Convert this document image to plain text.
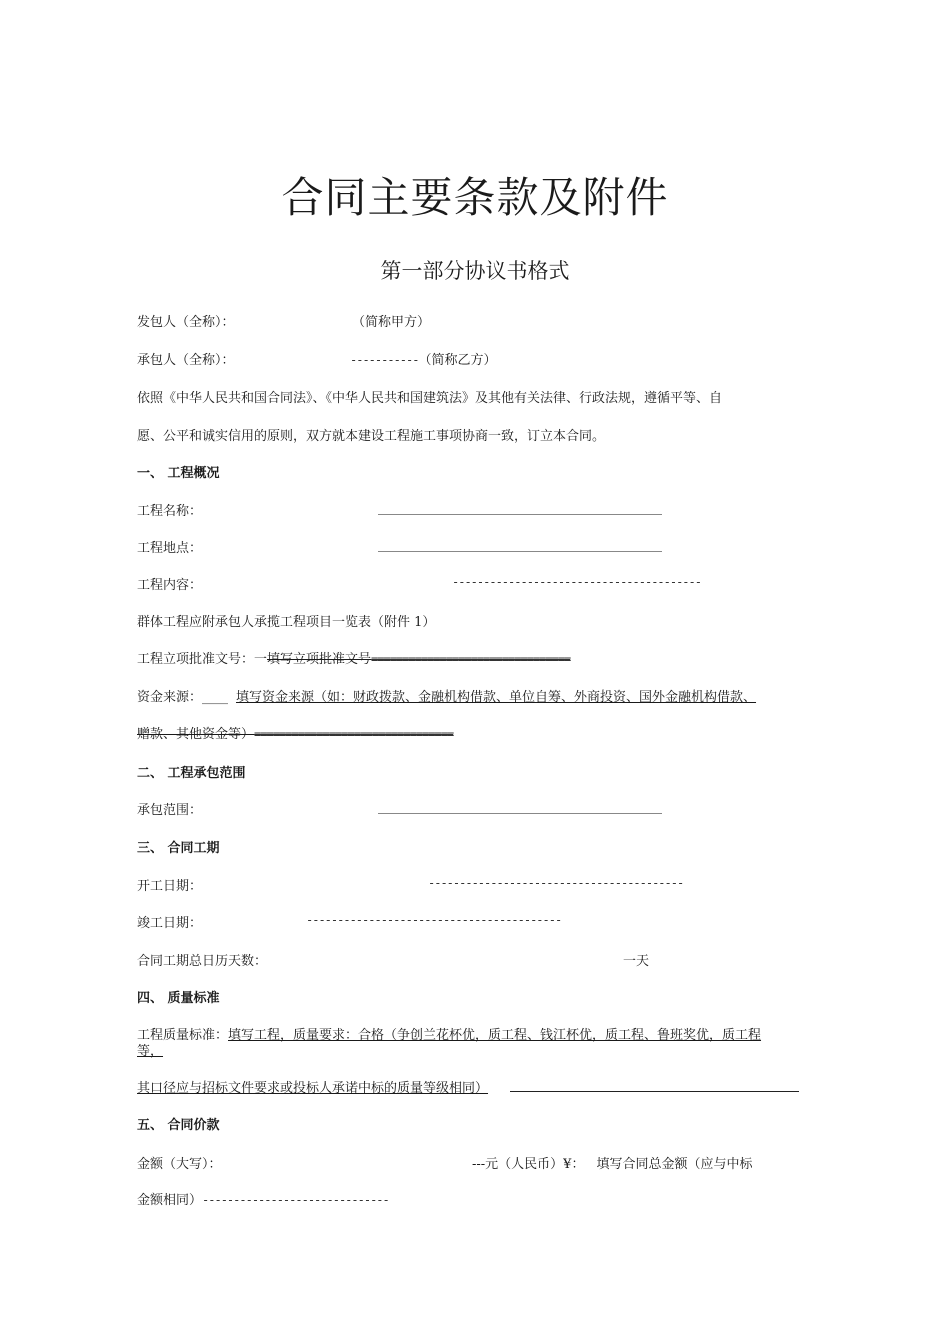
合同主要条款及附件
第一部分协议书格式
发包人（全称）：	（简称甲方）
承包人（全称）：	-----------（简称乙方）
依照《中华人民共和国合同法》、《中华人民共和国建筑法》及其他有关法律、行政法规，遵循平等、自
愿、公平和诚实信用的原则，双方就本建设工程施工事项协商一致，订立本合同。
一、 工程概况
工程名称：
工程地点：
工程内容：	----------------------------------------
群体工程应附承包人承揽工程项目一览表（附件 1）
工程立项批准文号：一填写立项批准文号================================
资金来源：____ 填写资金来源（如：财政拨款、金融机构借款、单位自筹、外商投资、国外金融机构借款、
赠款、其他资金等）================================
二、 工程承包范围
承包范围：
三、 合同工期
开工日期：	-----------------------------------------
竣工日期：	-----------------------------------------
合同工期总日历天数：	一天
四、 质量标准
工程质量标准：填写工程，质量要求：合格（争创兰花杯优，质工程、钱江杯优，质工程、鲁班奖优，质工程
等，
其口径应与招标文件要求或投标人承诺中标的质量等级相同）
五、 合同价款
金额（大写）：	---元（人民币）¥： 填写合同总金额（应与中标
金额相同）------------------------------
